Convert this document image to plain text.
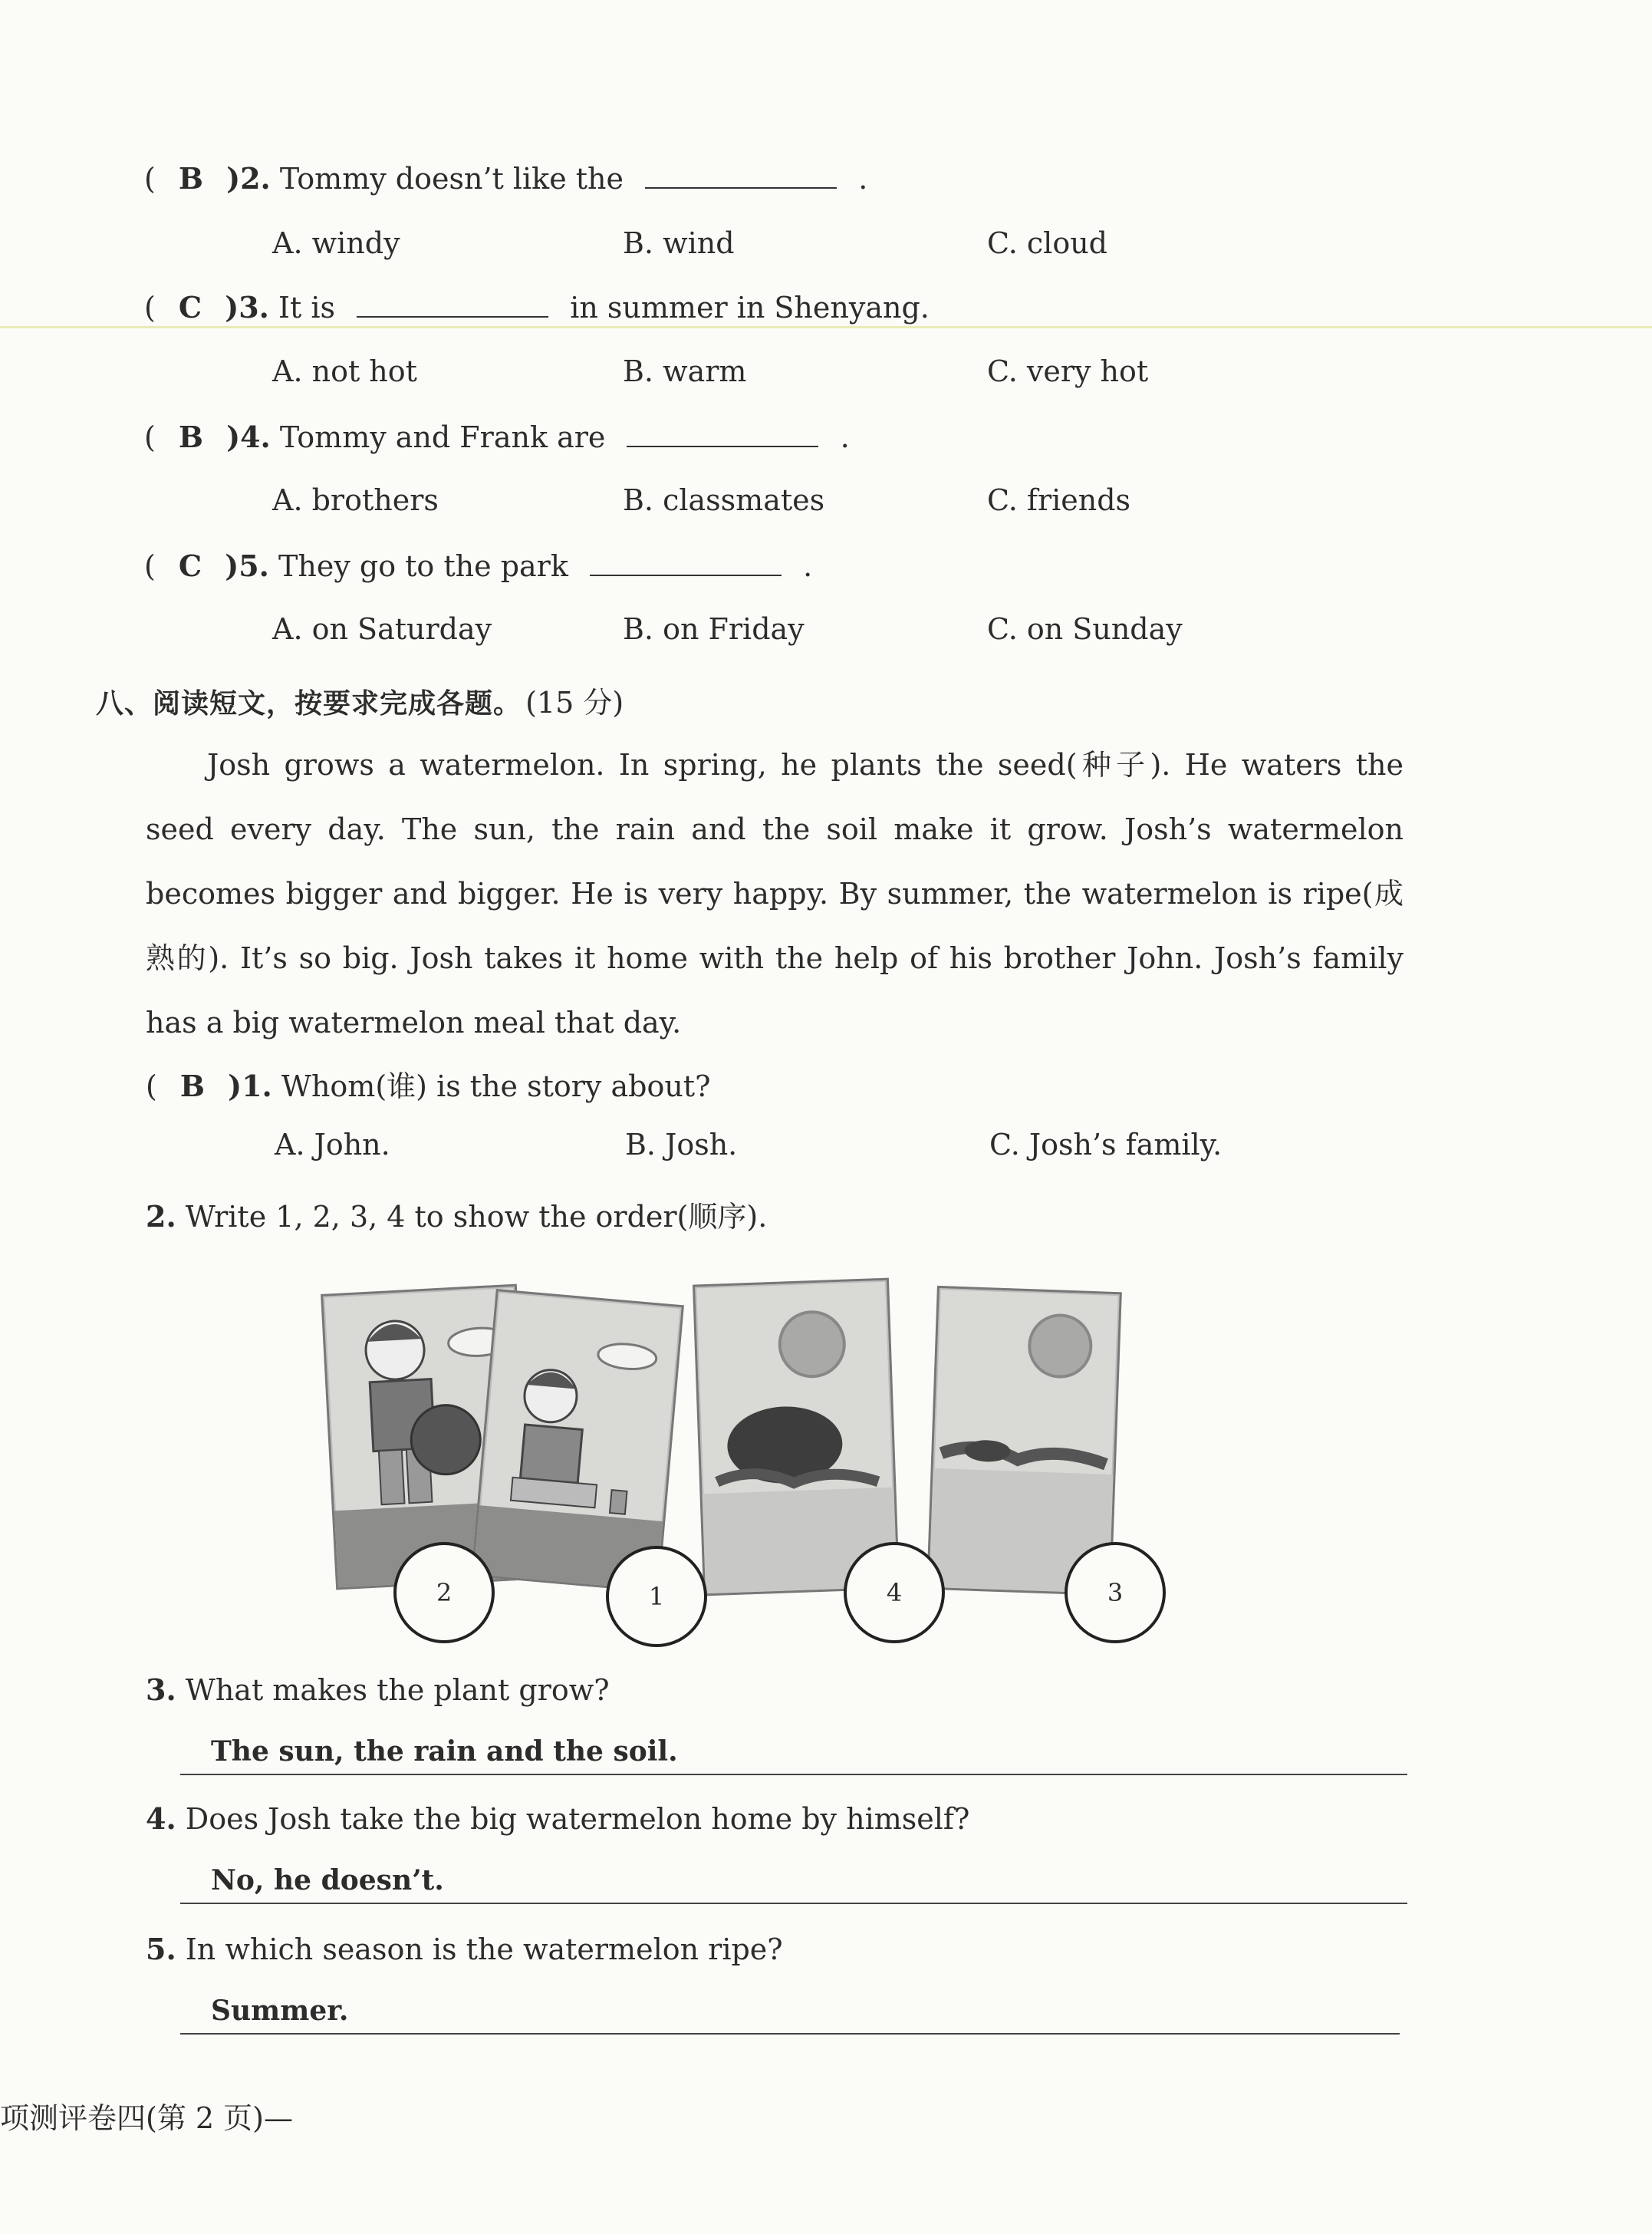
( B )2. Tommy doesn’t like the	.
A. windy	B. wind	C. cloud
( C )3. It is	in summer in Shenyang.
A. not hot	B. warm	C. very hot
( B )4. Tommy and Frank are	.
A. brothers	B. classmates	C. friends
( C )5. They go to the park	.
A. on Saturday	B. on Friday	C. on Sunday
八、阅读短文，按要求完成各题。 (15 分)
Josh grows a watermelon. In spring, he plants the seed(种子). He waters the seed every day. The sun, the rain and the soil make it grow. Josh’s watermelon becomes bigger and bigger. He is very happy. By summer, the watermelon is ripe(成熟的). It’s so big. Josh takes it home with the help of his brother John. Josh’s family has a big watermelon meal that day.
( B )1. Whom(谁) is the story about?
A. John.	B. Josh.	C. Josh’s family.
2. Write 1, 2, 3, 4 to show the order(顺序).
2	1	4	3
3. What makes the plant grow?
The sun, the rain and the soil.
4. Does Josh take the big watermelon home by himself?
No, he doesn’t.
5. In which season is the watermelon ripe?
Summer.
项测评卷四(第 2 页)—
